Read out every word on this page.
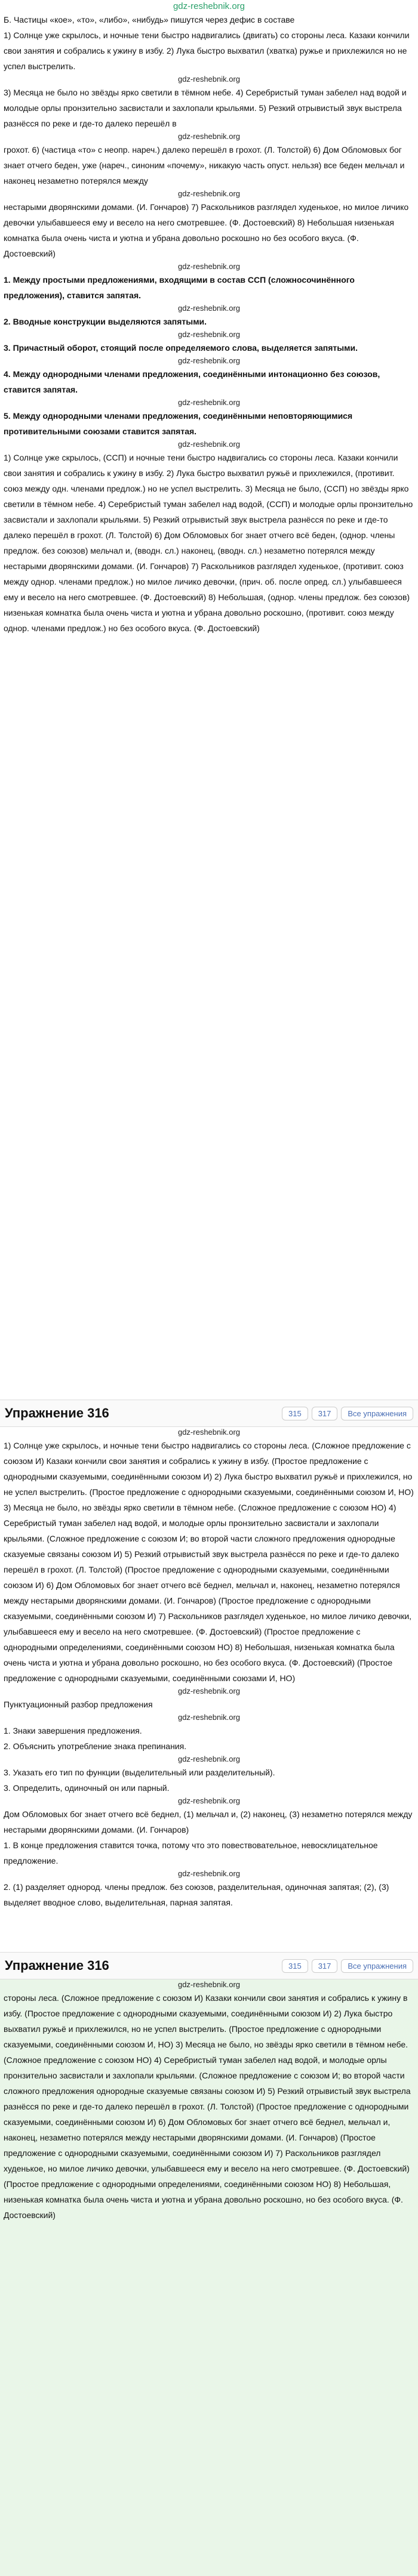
gdz-reshebnik.org

Б. Частицы «кое», «то», «либо», «нибудь» пишутся через дефис в составе

1) Солнце уже скрылось, и ночные тени быстро надвигались (двигать) со стороны леса. Казаки кончили свои занятия и собрались к ужину в избу. 2) Лука быстро выхватил (хватка) ружье и прихлежился но не успел выстрелить.

gdz-reshebnik.org

3) Месяца не было но звёзды ярко светили в тёмном небе. 4) Серебристый туман забелел над водой и молодые орлы пронзительно засвистали и захлопали крыльями. 5) Резкий отрывистый звук выстрела разнёсся по реке и где-то далеко перешёл в

gdz-reshebnik.org

грохот. 6) (частица «то» с неопр. нареч.) далеко перешёл в грохот. (Л. Толстой) 6) Дом Обломовых бог знает отчего беден, уже (нареч., синоним «почему», никакую часть опуст. нельзя) все беден мельчал и наконец незаметно потерялся между

gdz-reshebnik.org

нестарыми дворянскими домами. (И. Гончаров) 7) Раскольников разглядел худенькое, но милое личико девочки улыбавшееся ему и весело на него смотревшее. (Ф. Достоевский) 8) Небольшая низенькая комнатка была очень чиста и уютна и убрана довольно роскошно но без особого вкуса. (Ф.

Достоевский)

gdz-reshebnik.org

1. Между простыми предложениями, входящими в состав ССП (сложносочинённого предложения), ставится запятая.

gdz-reshebnik.org

2. Вводные конструкции выделяются запятыми.

gdz-reshebnik.org

3. Причастный оборот, стоящий после определяемого слова, выделяется запятыми.

gdz-reshebnik.org

4. Между однородными членами предложения, соединёнными интонационно без союзов, ставится запятая.

gdz-reshebnik.org

5. Между однородными членами предложения, соединёнными неповторяющимися противительными союзами ставится запятая.

gdz-reshebnik.org

1) Солнце уже скрылось, (ССП) и ночные тени быстро надвигались со стороны леса. Казаки кончили свои занятия и собрались к ужину в избу. 2) Лука быстро выхватил ружьё и прихлежился, (противит. союз между одн. членами предлож.) но не успел выстрелить. 3) Месяца не было, (ССП) но звёзды ярко светили в тёмном небе. 4) Серебристый туман забелел над водой, (ССП) и молодые орлы пронзительно засвистали и захлопали крыльями. 5) Резкий отрывистый звук выстрела разнёсся по реке и где-то далеко перешёл в грохот. (Л. Толстой) 6) Дом Обломовых бог знает отчего всё беден, (однор. члены предлож. без союзов) мельчал и, (вводн. сл.) наконец, (вводн. сл.) незаметно потерялся между нестарыми дворянскими домами. (И. Гончаров) 7) Раскольников разглядел худенькое, (противит. союз между однор. членами предлож.) но милое личико девочки, (прич. об. после опред. сл.) улыбавшееся ему и весело на него смотревшее. (Ф. Достоевский) 8) Небольшая, (однор. члены предлож. без союзов) низенькая комнатка была очень чиста и уютна и убрана довольно роскошно, (противит. союз между однор. членами предлож.) но без особого вкуса. (Ф. Достоевский)

Упражнение 316	315	317	Все упражнения
gdz-reshebnik.org

1) Солнце уже скрылось, и ночные тени быстро надвигались со стороны леса. (Сложное предложение с союзом И) Казаки кончили свои занятия и собрались к ужину в избу. (Простое предложение с однородными сказуемыми, соединёнными союзом И) 2) Лука быстро выхватил ружьё и прихлежился, но не успел выстрелить. (Простое предложение с однородными сказуемыми, соединёнными союзом И, НО) 3) Месяца не было, но звёзды ярко светили в тёмном небе. (Сложное предложение с союзом НО) 4) Серебристый туман забелел над водой, и молодые орлы пронзительно засвистали и захлопали крыльями. (Сложное предложение с союзом И; во второй части сложного предложения однородные сказуемые связаны союзом И) 5) Резкий отрывистый звук выстрела разнёсся по реке и где-то далеко перешёл в грохот. (Л. Толстой) (Простое предложение с однородными сказуемыми, соединёнными союзом И) 6) Дом Обломовых бог знает отчего всё беднел, мельчал и, наконец, незаметно потерялся между нестарыми дворянскими домами. (И. Гончаров) (Простое предложение с однородными сказуемыми, соединёнными союзом И) 7) Раскольников разглядел худенькое, но милое личико девочки, улыбавшееся ему и весело на него смотревшее. (Ф. Достоевский) (Простое предложение с однородными определениями, соединёнными союзом НО) 8) Небольшая, низенькая комнатка была очень чиста и уютна и убрана довольно роскошно, но без особого вкуса. (Ф. Достоевский) (Простое предложение с однородными сказуемыми, соединёнными союзами И, НО)

gdz-reshebnik.org

Пунктуационный разбор предложения

gdz-reshebnik.org

1. Знаки завершения предложения.

2. Объяснить употребление знака препинания.

gdz-reshebnik.org

3. Указать его тип по функции (выделительный или разделительный).

3. Определить, одиночный он или парный.

gdz-reshebnik.org

Дом Обломовых бог знает отчего всё беднел, (1) мельчал и, (2) наконец, (3) незаметно потерялся между нестарыми дворянскими домами. (И. Гончаров)

1. В конце предложения ставится точка, потому что это повествовательное, невосклицательное предложение.

gdz-reshebnik.org

2. (1) разделяет однород. члены предлож. без союзов, разделительная, одиночная запятая; (2), (3) выделяет вводное слово, выделительная, парная запятая.

Упражнение 316	315	317	Все упражнения
gdz-reshebnik.org

стороны леса. (Сложное предложение с союзом И) Казаки кончили свои занятия и собрались к ужину в избу. (Простое предложение с однородными сказуемыми, соединёнными союзом И) 2) Лука быстро выхватил ружьё и прихлежился, но не успел выстрелить. (Простое предложение с однородными сказуемыми, соединёнными союзом И, НО) 3) Месяца не было, но звёзды ярко светили в тёмном небе. (Сложное предложение с союзом НО) 4) Серебристый туман забелел над водой, и молодые орлы пронзительно засвистали и захлопали крыльями. (Сложное предложение с союзом И; во второй части сложного предложения однородные сказуемые связаны союзом И) 5) Резкий отрывистый звук выстрела разнёсся по реке и где-то далеко перешёл в грохот. (Л. Толстой) (Простое предложение с однородными сказуемыми, соединёнными союзом И) 6) Дом Обломовых бог знает отчего всё беднел, мельчал и, наконец, незаметно потерялся между нестарыми дворянскими домами. (И. Гончаров) (Простое предложение с однородными сказуемыми, соединёнными союзом И) 7) Раскольников разглядел худенькое, но милое личико девочки, улыбавшееся ему и весело на него смотревшее. (Ф. Достоевский) (Простое предложение с однородными определениями, соединёнными союзом НО) 8) Небольшая, низенькая комнатка была очень чиста и уютна и убрана довольно роскошно, но без особого вкуса. (Ф. Достоевский)
